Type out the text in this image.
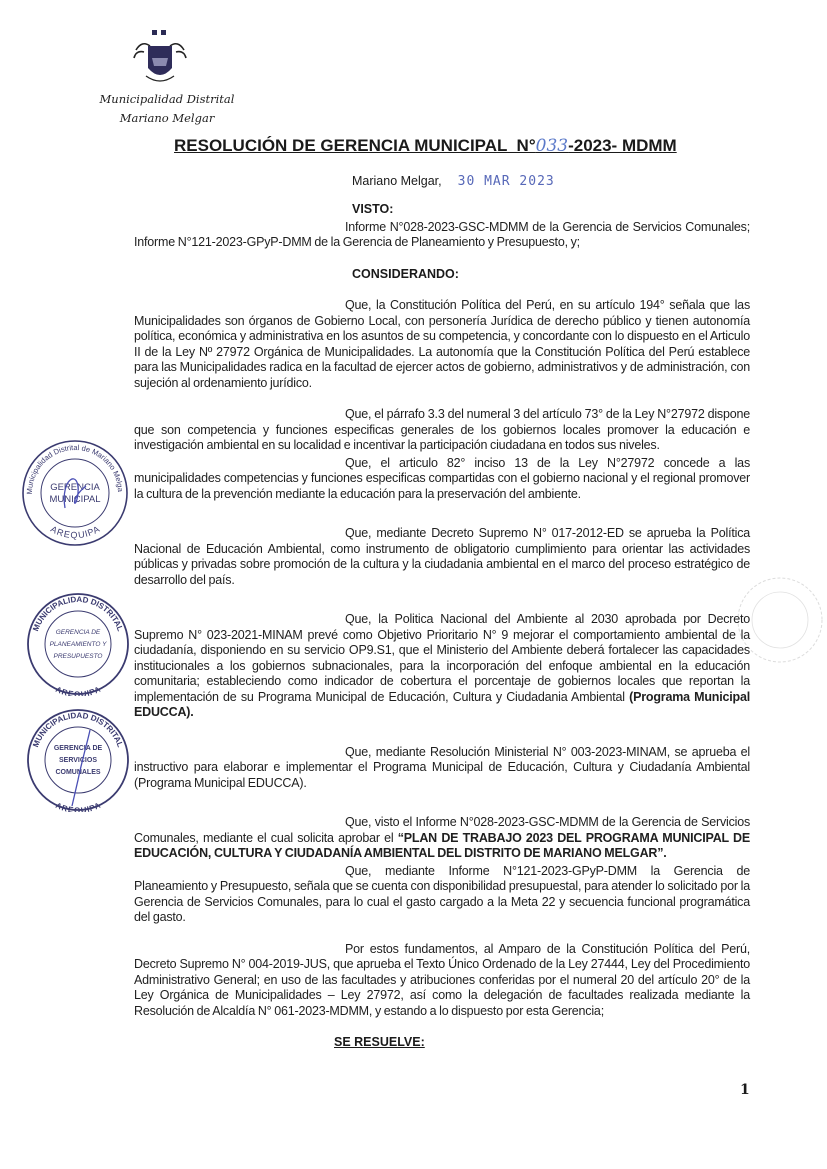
Municipalidad Distrital
Mariano Melgar
RESOLUCIÓN DE GERENCIA MUNICIPAL  N°033-2023- MDMM
Mariano Melgar, 30 MAR 2023
VISTO:

Informe N°028-2023-GSC-MDMM de la Gerencia de Servicios Comunales; Informe N°121-2023-GPyP-DMM de la Gerencia de Planeamiento y Presupuesto, y;

CONSIDERANDO:

Que, la Constitución Política del Perú, en su artículo 194° señala que las Municipalidades son órganos de Gobierno Local, con personería Jurídica de derecho público y tienen autonomía política, económica y administrativa en los asuntos de su competencia, y concordante con lo dispuesto en el Articulo II de la Ley Nº 27972 Orgánica de Municipalidades. La autonomía que la Constitución Política del Perú establece para las Municipalidades radica en la facultad de ejercer actos de gobierno, administrativos y de administración, con sujeción al ordenamiento jurídico.

Que, el párrafo 3.3 del numeral 3 del artículo 73° de la Ley N°27972 dispone que son competencia y funciones especificas generales de los gobiernos locales promover la educación e investigación ambiental en su localidad e incentivar la participación ciudadana en todos sus niveles.

Que, el articulo 82° inciso 13 de la Ley N°27972 concede a las municipalidades competencias y funciones especificas compartidas con el gobierno nacional y el regional promover la cultura de la prevención mediante la educación para la preservación del ambiente.

Que, mediante Decreto Supremo N° 017-2012-ED se aprueba la Política Nacional de Educación Ambiental, como instrumento de obligatorio cumplimiento para orientar las actividades públicas y privadas sobre promoción de la cultura y la ciudadania ambiental en el marco del proceso estratégico de desarrollo del país.

Que, la Politica Nacional del Ambiente al 2030 aprobada por Decreto Supremo N° 023-2021-MINAM prevé como Objetivo Prioritario N° 9 mejorar el comportamiento ambiental de la ciudadanía, disponiendo en su servicio OP9.S1, que el Ministerio del Ambiente deberá fortalecer las capacidades institucionales a los gobiernos subnacionales, para la incorporación del enfoque ambiental en la educación comunitaria; estableciendo como indicador de cobertura el porcentaje de gobiernos locales que reportan la implementación de su Programa Municipal de Educación, Cultura y Ciudadania Ambiental (Programa Municipal EDUCCA).

Que, mediante Resolución Ministerial N° 003-2023-MINAM, se aprueba el instructivo para elaborar e implementar el Programa Municipal de Educación, Cultura y Ciudadanía Ambiental (Programa Municipal EDUCCA).

Que, visto el Informe N°028-2023-GSC-MDMM de la Gerencia de Servicios Comunales, mediante el cual solicita aprobar el “PLAN DE TRABAJO 2023 DEL PROGRAMA MUNICIPAL DE EDUCACIÓN, CULTURA Y CIUDADANÍA AMBIENTAL DEL DISTRITO DE MARIANO MELGAR”.

Que, mediante Informe N°121-2023-GPyP-DMM la Gerencia de Planeamiento y Presupuesto, señala que se cuenta con disponibilidad presupuestal, para atender lo solicitado por la Gerencia de Servicios Comunales, para lo cual el gasto cargado a la Meta 22 y secuencia funcional programática del gasto.

Por estos fundamentos, al Amparo de la Constitución Política del Perú, Decreto Supremo N° 004-2019-JUS, que aprueba el Texto Único Ordenado de la Ley 27444, Ley del Procedimiento Administrativo General; en uso de las facultades y atribuciones conferidas por el numeral 20 del artículo 20° de la Ley Orgánica de Municipalidades – Ley 27972, así como la delegación de facultades realizada mediante la Resolución de Alcaldía N° 061-2023-MDMM, y estando a lo dispuesto por esta Gerencia;

SE RESUELVE:
Municipalidad Distrital de Mariano Melga
AREQUIPA
GERENCIA
MUNICIPAL
MUNICIPALIDAD DISTRITAL
AREQUIPA
GERENCIA DE
PLANEAMIENTO Y
PRESUPUESTO
MUNICIPALIDAD DISTRITAL
AREQUIPA
GERENCIA DE
SERVICIOS
COMUNALES
1
